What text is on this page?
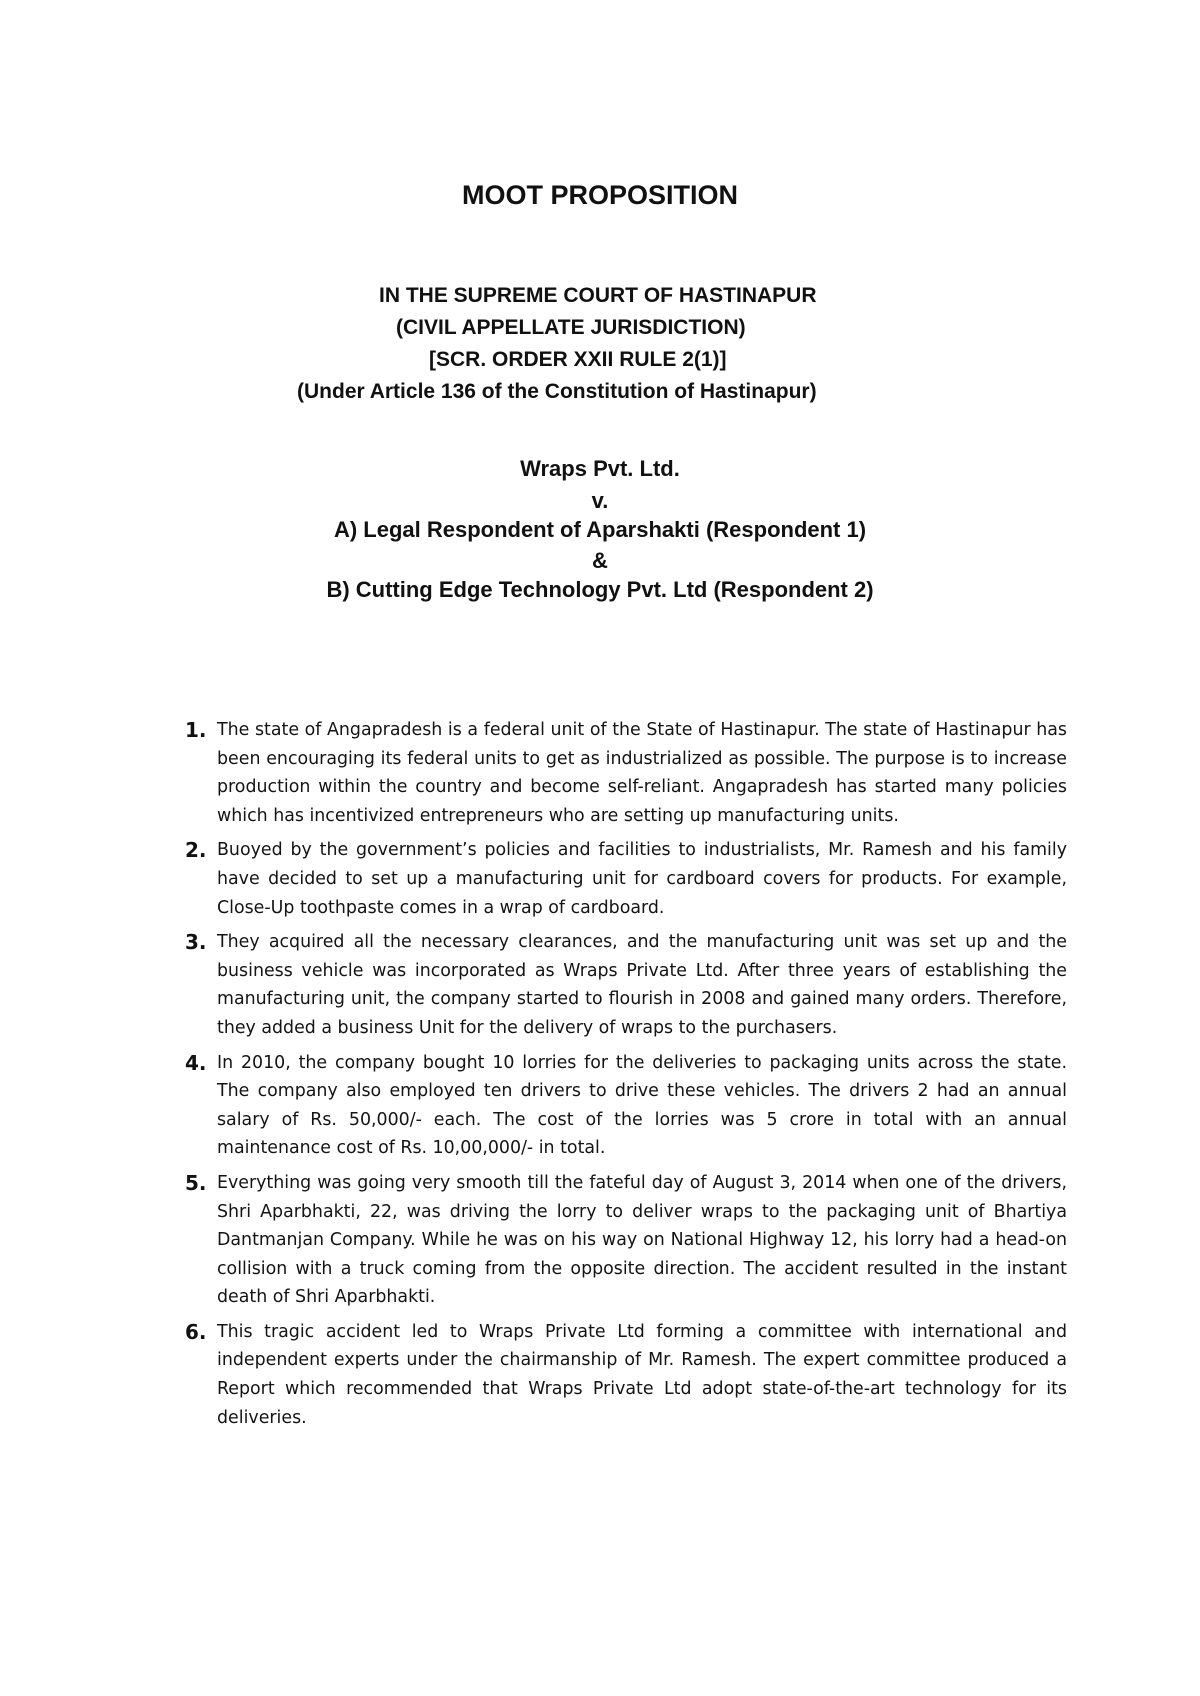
MOOT PROPOSITION
IN THE SUPREME COURT OF HASTINAPUR
(CIVIL APPELLATE JURISDICTION)
[SCR. ORDER XXII RULE 2(1)]
(Under Article 136 of the Constitution of Hastinapur)
Wraps Pvt. Ltd.
v.
A) Legal Respondent of Aparshakti (Respondent 1)
&
B) Cutting Edge Technology Pvt. Ltd (Respondent 2)
1. The state of Angapradesh is a federal unit of the State of Hastinapur. The state of Hastinapur has been encouraging its federal units to get as industrialized as possible. The purpose is to increase production within the country and become self-reliant. Angapradesh has started many policies which has incentivized entrepreneurs who are setting up manufacturing units.
2. Buoyed by the government’s policies and facilities to industrialists, Mr. Ramesh and his family have decided to set up a manufacturing unit for cardboard covers for products. For example, Close-Up toothpaste comes in a wrap of cardboard.
3. They acquired all the necessary clearances, and the manufacturing unit was set up and the business vehicle was incorporated as Wraps Private Ltd. After three years of establishing the manufacturing unit, the company started to flourish in 2008 and gained many orders. Therefore, they added a business Unit for the delivery of wraps to the purchasers.
4. In 2010, the company bought 10 lorries for the deliveries to packaging units across the state. The company also employed ten drivers to drive these vehicles. The drivers 2 had an annual salary of Rs. 50,000/- each. The cost of the lorries was 5 crore in total with an annual maintenance cost of Rs. 10,00,000/- in total.
5. Everything was going very smooth till the fateful day of August 3, 2014 when one of the drivers, Shri Aparbhakti, 22, was driving the lorry to deliver wraps to the packaging unit of Bhartiya Dantmanjan Company. While he was on his way on National Highway 12, his lorry had a head-on collision with a truck coming from the opposite direction. The accident resulted in the instant death of Shri Aparbhakti.
6. This tragic accident led to Wraps Private Ltd forming a committee with international and independent experts under the chairmanship of Mr. Ramesh. The expert committee produced a Report which recommended that Wraps Private Ltd adopt state-of-the-art technology for its deliveries.
